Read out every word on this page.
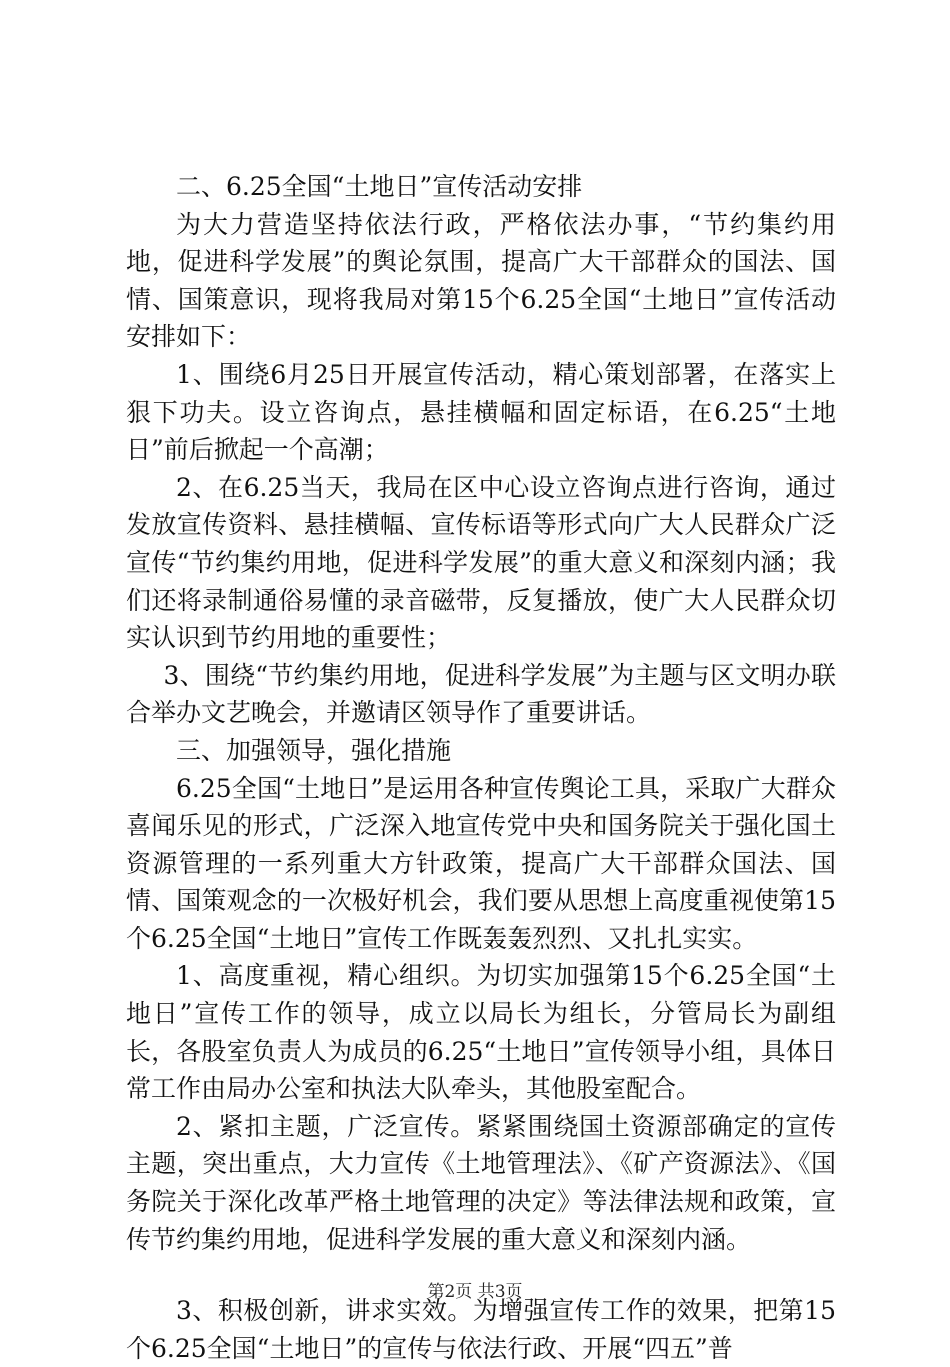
二、6.25全国“土地日”宣传活动安排

为大力营造坚持依法行政，严格依法办事，“节约集约用地，促进科学发展”的舆论氛围，提高广大干部群众的国法、国情、国策意识，现将我局对第15个6.25全国“土地日”宣传活动安排如下：

1、围绕6月25日开展宣传活动，精心策划部署，在落实上狠下功夫。设立咨询点，悬挂横幅和固定标语，在6.25“土地日”前后掀起一个高潮；

2、在6.25当天，我局在区中心设立咨询点进行咨询，通过发放宣传资料、悬挂横幅、宣传标语等形式向广大人民群众广泛宣传“节约集约用地，促进科学发展”的重大意义和深刻内涵；我们还将录制通俗易懂的录音磁带，反复播放，使广大人民群众切实认识到节约用地的重要性；

3、围绕“节约集约用地，促进科学发展”为主题与区文明办联合举办文艺晚会，并邀请区领导作了重要讲话。

三、加强领导，强化措施

6.25全国“土地日”是运用各种宣传舆论工具，采取广大群众喜闻乐见的形式，广泛深入地宣传党中央和国务院关于强化国土资源管理的一系列重大方针政策，提高广大干部群众国法、国情、国策观念的一次极好机会，我们要从思想上高度重视使第15个6.25全国“土地日”宣传工作既轰轰烈烈、又扎扎实实。

1、高度重视，精心组织。为切实加强第15个6.25全国“土地日”宣传工作的领导，成立以局长为组长，分管局长为副组长，各股室负责人为成员的6.25“土地日”宣传领导小组，具体日常工作由局办公室和执法大队牵头，其他股室配合。

2、紧扣主题，广泛宣传。紧紧围绕国土资源部确定的宣传主题，突出重点，大力宣传《土地管理法》、《矿产资源法》、《国务院关于深化改革严格土地管理的决定》等法律法规和政策，宣传节约集约用地，促进科学发展的重大意义和深刻内涵。

3、积极创新，讲求实效。为增强宣传工作的效果，把第15个6.25全国“土地日”的宣传与依法行政、开展“四五”普

第2页 共3页
